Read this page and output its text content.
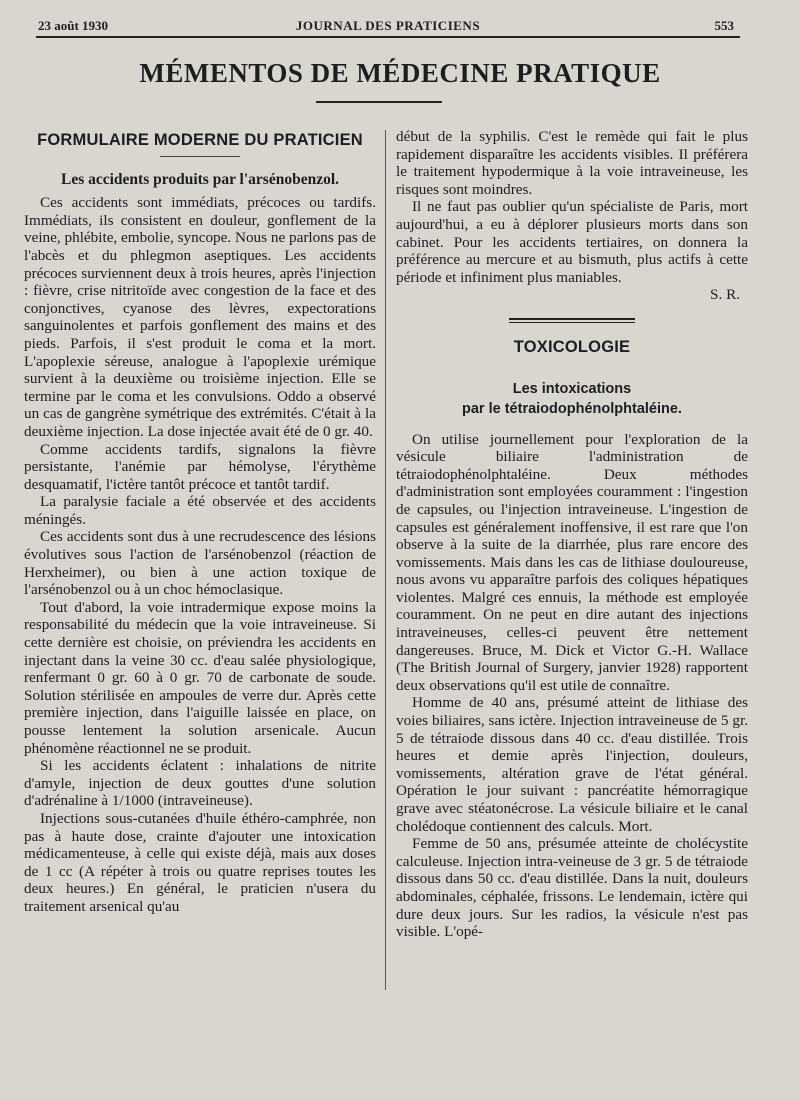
23 août 1930	JOURNAL DES PRATICIENS	553
MÉMENTOS DE MÉDECINE PRATIQUE
FORMULAIRE MODERNE DU PRATICIEN
Les accidents produits par l'arsénobenzol.

Ces accidents sont immédiats, précoces ou tardifs. Immédiats, ils consistent en douleur, gonflement de la veine, phlébite, embolie, syncope. Nous ne parlons pas de l'abcès et du phlegmon aseptiques. Les accidents précoces surviennent deux à trois heures, après l'injection : fièvre, crise nitritoïde avec congestion de la face et des conjonctives, cyanose des lèvres, expectorations sanguinolentes et parfois gonflement des mains et des pieds. Parfois, il s'est produit le coma et la mort. L'apoplexie séreuse, analogue à l'apoplexie urémique survient à la deuxième ou troisième injection. Elle se termine par le coma et les convulsions. Oddo a observé un cas de gangrène symétrique des extrémités. C'était à la deuxième injection. La dose injectée avait été de 0 gr. 40.

Comme accidents tardifs, signalons la fièvre persistante, l'anémie par hémolyse, l'érythème desquamatif, l'ictère tantôt précoce et tantôt tardif.

La paralysie faciale a été observée et des accidents méningés.

Ces accidents sont dus à une recrudescence des lésions évolutives sous l'action de l'arsénobenzol (réaction de Herxheimer), ou bien à une action toxique de l'arsénobenzol ou à un choc hémoclasique.

Tout d'abord, la voie intradermique expose moins la responsabilité du médecin que la voie intraveineuse. Si cette dernière est choisie, on préviendra les accidents en injectant dans la veine 30 cc. d'eau salée physiologique, renfermant 0 gr. 60 à 0 gr. 70 de carbonate de soude. Solution stérilisée en ampoules de verre dur. Après cette première injection, dans l'aiguille laissée en place, on pousse lentement la solution arsenicale. Aucun phénomène réactionnel ne se produit.

Si les accidents éclatent : inhalations de nitrite d'amyle, injection de deux gouttes d'une solution d'adrénaline à 1/1000 (intraveineuse).

Injections sous-cutanées d'huile éthéro-camphrée, non pas à haute dose, crainte d'ajouter une intoxication médicamenteuse, à celle qui existe déjà, mais aux doses de 1 cc (A répéter à trois ou quatre reprises toutes les deux heures.) En général, le praticien n'usera du traitement arsenical qu'au

début de la syphilis. C'est le remède qui fait le plus rapidement disparaître les accidents visibles. Il préférera le traitement hypodermique à la voie intraveineuse, les risques sont moindres.

Il ne faut pas oublier qu'un spécialiste de Paris, mort aujourd'hui, a eu à déplorer plusieurs morts dans son cabinet. Pour les accidents tertiaires, on donnera la préférence au mercure et au bismuth, plus actifs à cette période et infiniment plus maniables.

S. R.

TOXICOLOGIE
Les intoxications
par le tétraiodophénolphtaléine.

On utilise journellement pour l'exploration de la vésicule biliaire l'administration de tétraiodophénolphtaléine. Deux méthodes d'administration sont employées couramment : l'ingestion de capsules, ou l'injection intraveineuse. L'ingestion de capsules est généralement inoffensive, il est rare que l'on observe à la suite de la diarrhée, plus rare encore des vomissements. Mais dans les cas de lithiase douloureuse, nous avons vu apparaître parfois des coliques hépatiques violentes. Malgré ces ennuis, la méthode est employée couramment. On ne peut en dire autant des injections intraveineuses, celles-ci peuvent être nettement dangereuses. Bruce, M. Dick et Victor G.-H. Wallace (The British Journal of Surgery, janvier 1928) rapportent deux observations qu'il est utile de connaître.

Homme de 40 ans, présumé atteint de lithiase des voies biliaires, sans ictère. Injection intraveineuse de 5 gr. 5 de tétraiode dissous dans 40 cc. d'eau distillée. Trois heures et demie après l'injection, douleurs, vomissements, altération grave de l'état général. Opération le jour suivant : pancréatite hémorragique grave avec stéatonécrose. La vésicule biliaire et le canal cholédoque contiennent des calculs. Mort.

Femme de 50 ans, présumée atteinte de cholécystite calculeuse. Injection intra-veineuse de 3 gr. 5 de tétraiode dissous dans 50 cc. d'eau distillée. Dans la nuit, douleurs abdominales, céphalée, frissons. Le lendemain, ictère qui dure deux jours. Sur les radios, la vésicule n'est pas visible. L'opé-
